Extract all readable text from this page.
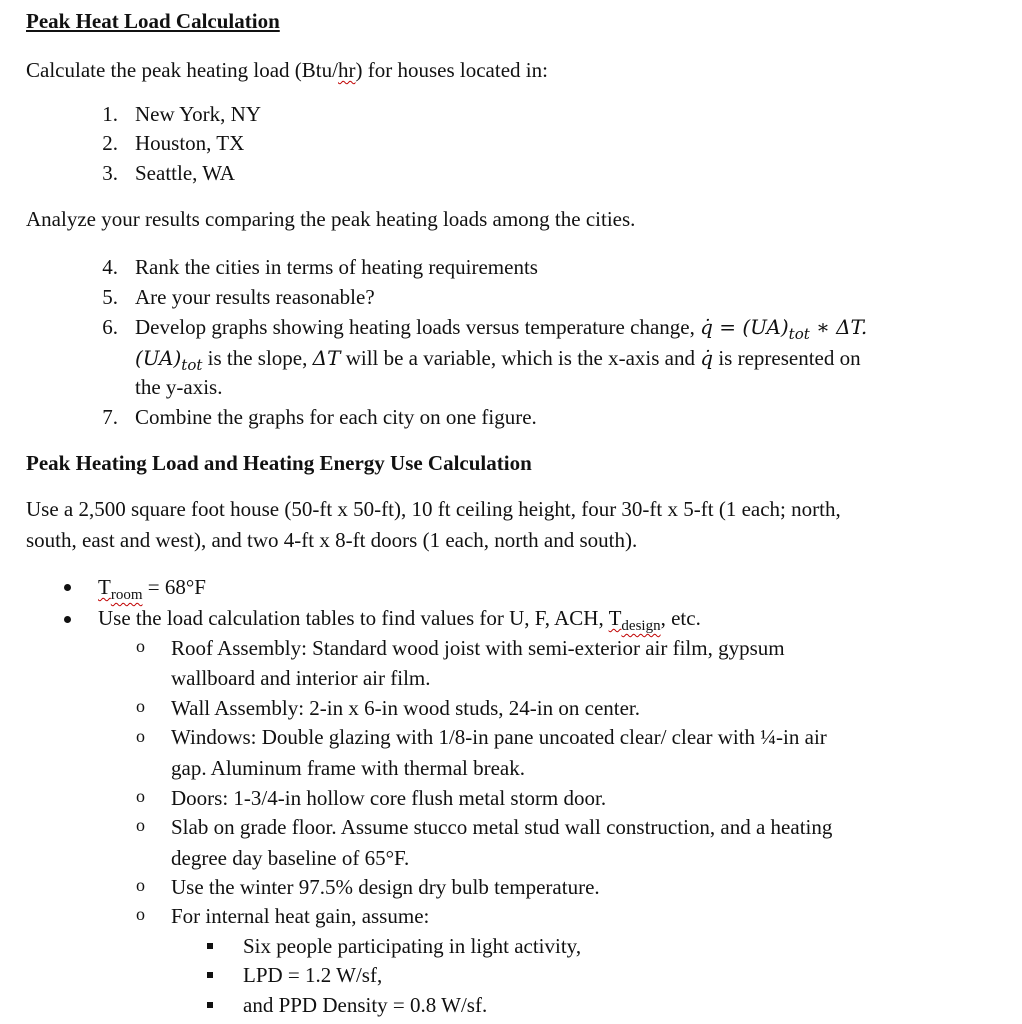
Peak Heat Load Calculation
Calculate the peak heating load (Btu/hr) for houses located in:
1. New York, NY
2. Houston, TX
3. Seattle, WA
Analyze your results comparing the peak heating loads among the cities.
4. Rank the cities in terms of heating requirements
5. Are your results reasonable?
6. Develop graphs showing heating loads versus temperature change, q̇ = $(UA)_{tot}$ ∗ ΔT.
$(UA)_{tot}$ is the slope, ΔT will be a variable, which is the x-axis and q̇ is represented on
the y-axis.
7. Combine the graphs for each city on one figure.
Peak Heating Load and Heating Energy Use Calculation
Use a 2,500 square foot house (50-ft x 50-ft), 10 ft ceiling height, four 30-ft x 5-ft (1 each; north,
south, east and west), and two 4-ft x 8-ft doors (1 each, north and south).
$T_{room} = 68^\circ F$
Use the load calculation tables to find values for U, F, ACH, $T_{design}$, etc.
o Roof Assembly: Standard wood joist with semi-exterior air film, gypsum
wallboard and interior air film.
o Wall Assembly: 2-in x 6-in wood studs, 24-in on center.
o Windows: Double glazing with 1/8-in pane uncoated clear/ clear with ¼-in air
gap. Aluminum frame with thermal break.
o Doors: 1-3/4-in hollow core flush metal storm door.
o Slab on grade floor. Assume stucco metal stud wall construction, and a heating
degree day baseline of 65°F.
o Use the winter 97.5% design dry bulb temperature.
o For internal heat gain, assume:
Six people participating in light activity,
LPD = 1.2 W/sf,
and PPD Density = 0.8 W/sf.
